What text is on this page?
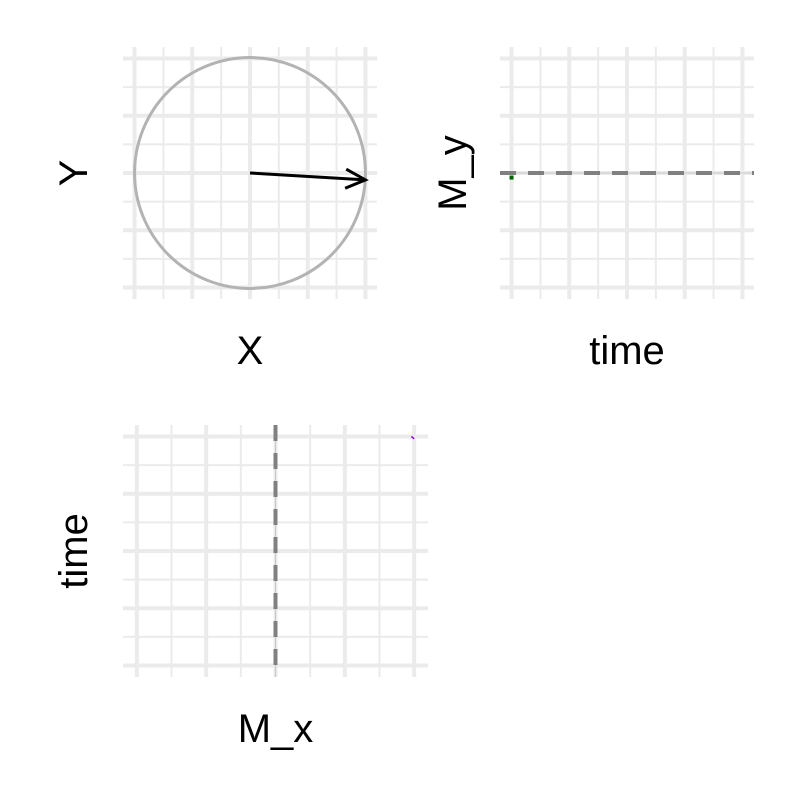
X
Y
time
M_y
M_x
time
